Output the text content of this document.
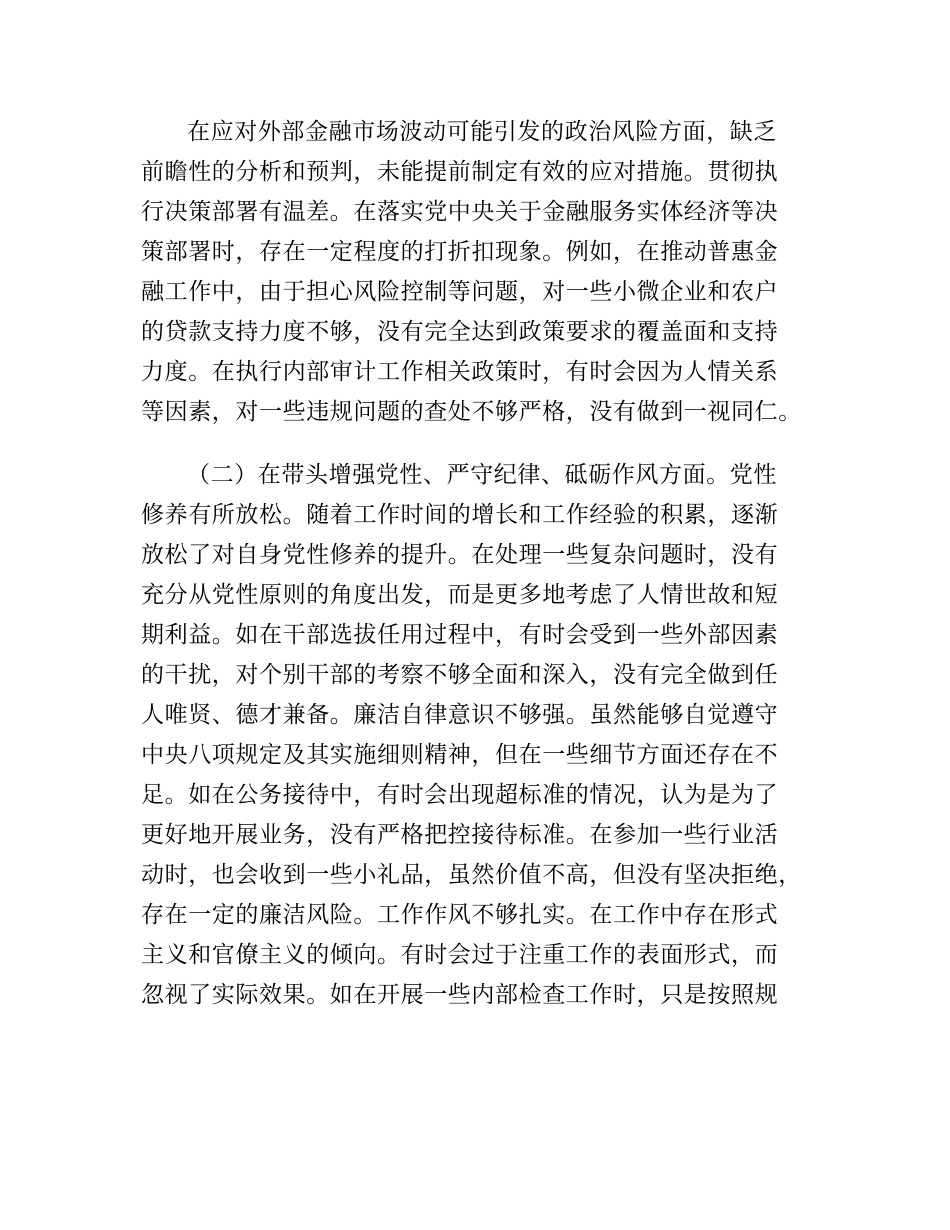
在应对外部金融市场波动可能引发的政治风险方面，缺乏
前瞻性的分析和预判，未能提前制定有效的应对措施。贯彻执
行决策部署有温差。在落实党中央关于金融服务实体经济等决
策部署时，存在一定程度的打折扣现象。例如，在推动普惠金
融工作中，由于担心风险控制等问题，对一些小微企业和农户
的贷款支持力度不够，没有完全达到政策要求的覆盖面和支持
力度。在执行内部审计工作相关政策时，有时会因为人情关系
等因素，对一些违规问题的查处不够严格，没有做到一视同仁。
（二）在带头增强党性、严守纪律、砥砺作风方面。党性
修养有所放松。随着工作时间的增长和工作经验的积累，逐渐
放松了对自身党性修养的提升。在处理一些复杂问题时，没有
充分从党性原则的角度出发，而是更多地考虑了人情世故和短
期利益。如在干部选拔任用过程中，有时会受到一些外部因素
的干扰，对个别干部的考察不够全面和深入，没有完全做到任
人唯贤、德才兼备。廉洁自律意识不够强。虽然能够自觉遵守
中央八项规定及其实施细则精神，但在一些细节方面还存在不
足。如在公务接待中，有时会出现超标准的情况，认为是为了
更好地开展业务，没有严格把控接待标准。在参加一些行业活
动时，也会收到一些小礼品，虽然价值不高，但没有坚决拒绝，
存在一定的廉洁风险。工作作风不够扎实。在工作中存在形式
主义和官僚主义的倾向。有时会过于注重工作的表面形式，而
忽视了实际效果。如在开展一些内部检查工作时，只是按照规
